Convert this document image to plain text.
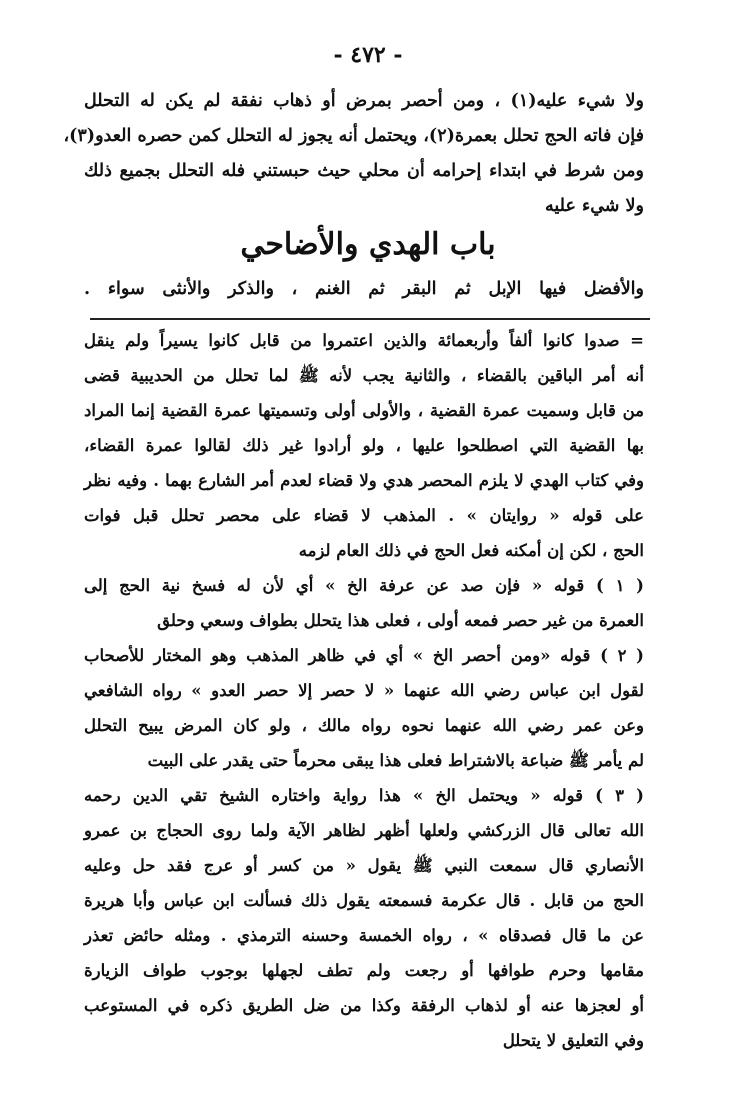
- ٤٧٢ -
ولا شيء عليه(١) ، ومن أحصر بمرض أو ذهاب نفقة لم يكن له التحلل
فإن فاته الحج تحلل بعمرة(٢)، ويحتمل أنه يجوز له التحلل كمن حصره العدو(٣)،
ومن شرط في ابتداء إحرامه أن محلي حيث حبستني فله التحلل بجميع ذلك
ولا شيء عليه
باب الهدي والأضاحي
والأفضل فيها الإبل ثم البقر ثم الغنم ، والذكر والأنثى سواء .
= صدوا كانوا ألفاً وأربعمائة والذين اعتمروا من قابل كانوا يسيراً ولم ينقل
أنه أمر الباقين بالقضاء ، والثانية يجب لأنه ﷺ لما تحلل من الحديبية قضى
من قابل وسميت عمرة القضية ، والأولى أولى وتسميتها عمرة القضية إنما المراد
بها القضية التي اصطلحوا عليها ، ولو أرادوا غير ذلك لقالوا عمرة القضاء،
وفي كتاب الهدي لا يلزم المحصر هدي ولا قضاء لعدم أمر الشارع بهما . وفيه نظر
على قوله « روايتان » . المذهب لا قضاء على محصر تحلل قبل فوات
الحج ، لكن إن أمكنه فعل الحج في ذلك العام لزمه
( ١ ) قوله « فإن صد عن عرفة الخ » أي لأن له فسخ نية الحج إلى
العمرة من غير حصر فمعه أولى ، فعلى هذا يتحلل بطواف وسعي وحلق
( ٢ ) قوله «ومن أحصر الخ » أي في ظاهر المذهب وهو المختار للأصحاب
لقول ابن عباس رضي الله عنهما « لا حصر إلا حصر العدو » رواه الشافعي
وعن عمر رضي الله عنهما نحوه رواه مالك ، ولو كان المرض يبيح التحلل
لم يأمر ﷺ ضباعة بالاشتراط فعلى هذا يبقى محرماً حتى يقدر على البيت
( ٣ ) قوله « ويحتمل الخ » هذا رواية واختاره الشيخ تقي الدين رحمه
الله تعالى قال الزركشي ولعلها أظهر لظاهر الآية ولما روى الحجاج بن عمرو
الأنصاري قال سمعت النبي ﷺ يقول « من كسر أو عرج فقد حل وعليه
الحج من قابل . قال عكرمة فسمعته يقول ذلك فسألت ابن عباس وأبا هريرة
عن ما قال فصدقاه » ، رواه الخمسة وحسنه الترمذي . ومثله حائض تعذر
مقامها وحرم طوافها أو رجعت ولم تطف لجهلها بوجوب طواف الزيارة
أو لعجزها عنه أو لذهاب الرفقة وكذا من ضل الطريق ذكره في المستوعب
وفي التعليق لا يتحلل
